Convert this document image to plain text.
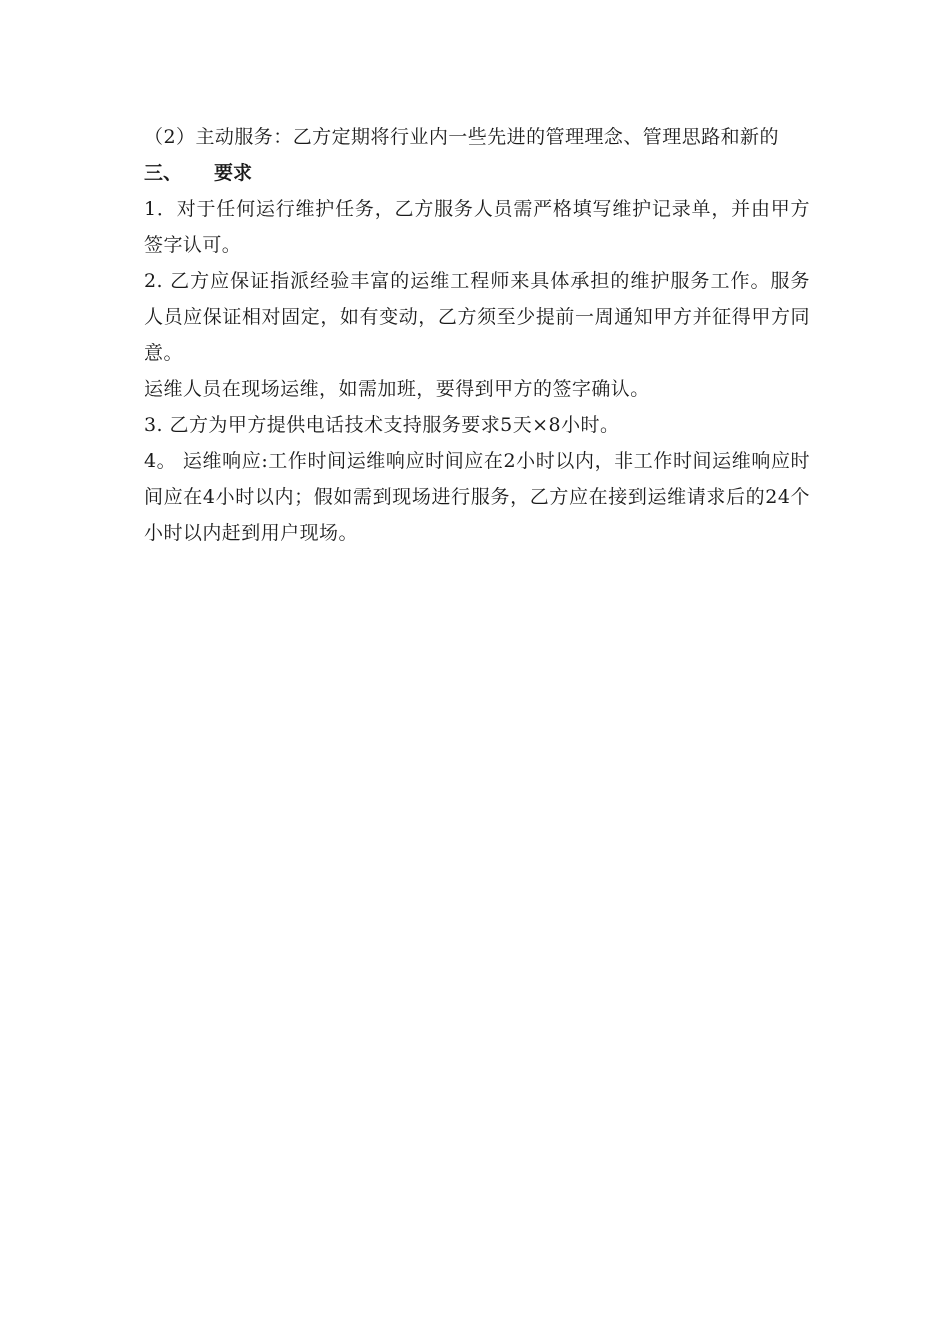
（2）主动服务：乙方定期将行业内一些先进的管理理念、管理思路和新的

三、 要求

1．对于任何运行维护任务，乙方服务人员需严格填写维护记录单，并由甲方签字认可。

2. 乙方应保证指派经验丰富的运维工程师来具体承担的维护服务工作。服务人员应保证相对固定，如有变动，乙方须至少提前一周通知甲方并征得甲方同意。

运维人员在现场运维，如需加班，要得到甲方的签字确认。

3. 乙方为甲方提供电话技术支持服务要求5天×8小时。

4。 运维响应:工作时间运维响应时间应在2小时以内，非工作时间运维响应时间应在4小时以内；假如需到现场进行服务，乙方应在接到运维请求后的24个小时以内赶到用户现场。
